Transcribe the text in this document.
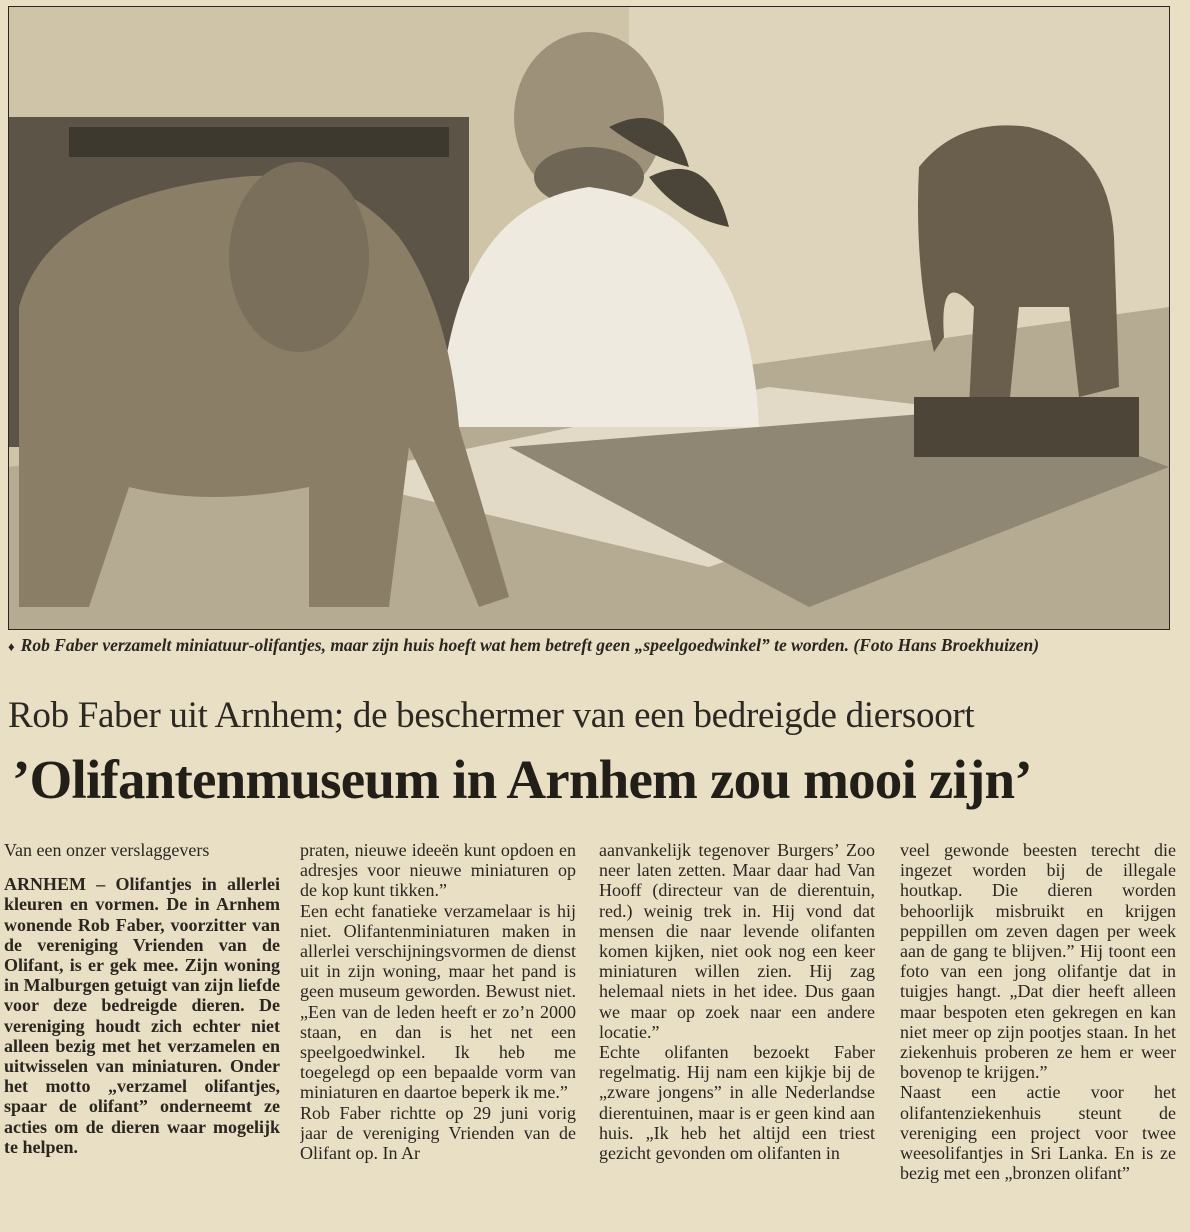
♦ Rob Faber verzamelt miniatuur-olifantjes, maar zijn huis hoeft wat hem betreft geen „speelgoedwinkel” te worden. (Foto Hans Broekhuizen)
Rob Faber uit Arnhem; de beschermer van een bedreigde diersoort
’Olifantenmuseum in Arnhem zou mooi zijn’

Van een onzer verslaggevers

ARNHEM – Olifantjes in allerlei kleuren en vormen. De in Arnhem wonende Rob Faber, voorzitter van de vereniging Vrienden van de Olifant, is er gek mee. Zijn woning in Malburgen getuigt van zijn liefde voor deze bedreigde dieren. De vereniging houdt zich echter niet alleen bezig met het verzamelen en uitwisselen van miniaturen. Onder het motto „verzamel olifantjes, spaar de olifant” onderneemt ze acties om de dieren waar mogelijk te helpen.

praten, nieuwe ideeën kunt opdoen en adresjes voor nieuwe miniaturen op de kop kunt tikken.”

Een echt fanatieke verzamelaar is hij niet. Olifantenminiaturen maken in allerlei verschijningsvormen de dienst uit in zijn woning, maar het pand is geen museum geworden. Bewust niet. „Een van de leden heeft er zo’n 2000 staan, en dan is het net een speelgoedwinkel. Ik heb me toegelegd op een bepaalde vorm van miniaturen en daartoe beperk ik me.”

Rob Faber richtte op 29 juni vorig jaar de vereniging Vrienden van de Olifant op. In Ar

aanvankelijk tegenover Burgers’ Zoo neer laten zetten. Maar daar had Van Hooff (directeur van de dierentuin, red.) weinig trek in. Hij vond dat mensen die naar levende olifanten komen kijken, niet ook nog een keer miniaturen willen zien. Hij zag helemaal niets in het idee. Dus gaan we maar op zoek naar een andere locatie.”

Echte olifanten bezoekt Faber regelmatig. Hij nam een kijkje bij de „zware jongens” in alle Nederlandse dierentuinen, maar is er geen kind aan huis. „Ik heb het altijd een triest gezicht gevonden om olifanten in

veel gewonde beesten terecht die ingezet worden bij de illegale houtkap. Die dieren worden behoorlijk misbruikt en krijgen peppillen om zeven dagen per week aan de gang te blijven.” Hij toont een foto van een jong olifantje dat in tuigjes hangt. „Dat dier heeft alleen maar bespoten eten gekregen en kan niet meer op zijn pootjes staan. In het ziekenhuis proberen ze hem er weer bovenop te krijgen.”

Naast een actie voor het olifantenziekenhuis steunt de vereniging een project voor twee weesolifantjes in Sri Lanka. En is ze bezig met een „bronzen olifant”
